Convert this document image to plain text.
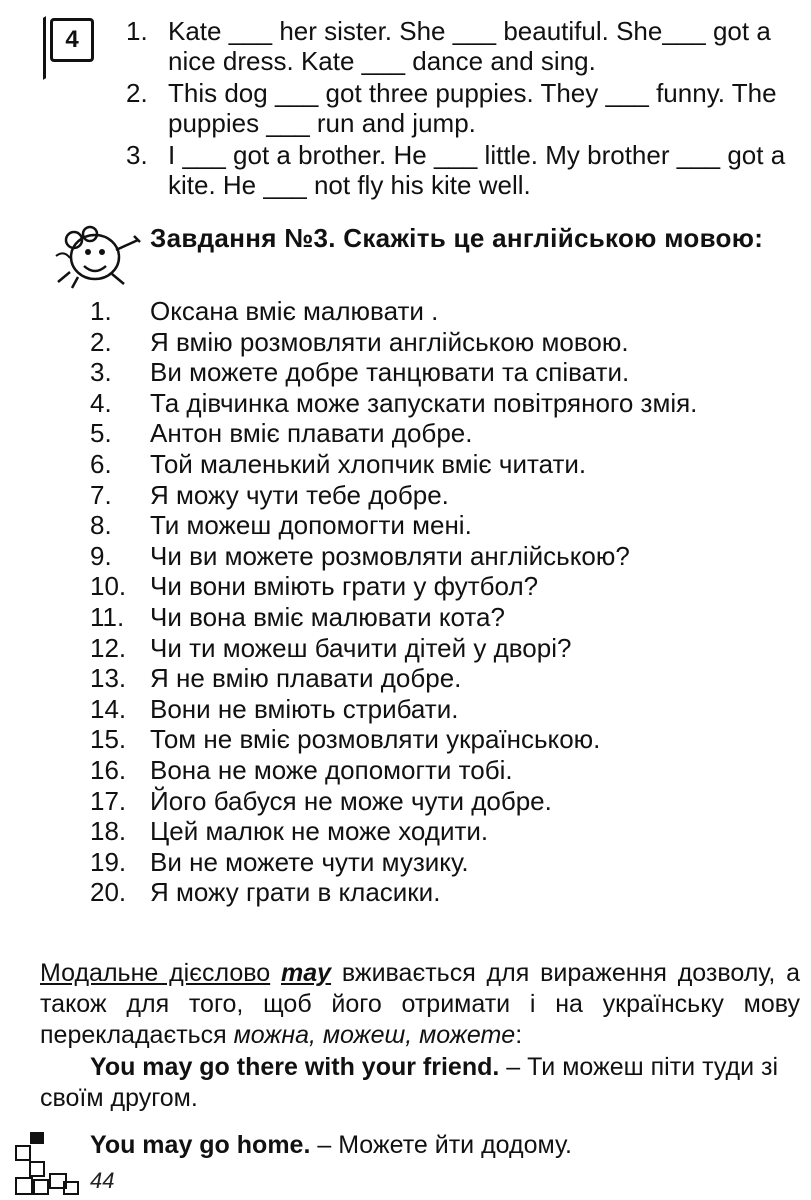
4 1. Kate ___ her sister. She ___ beautiful. She___ got a nice dress. Kate ___ dance and sing.
2. This dog ___ got three puppies. They ___ funny. The puppies ___ run and jump.
3. I ___ got a brother. He ___ little. My brother ___ got a kite. He ___ not fly his kite well.
Завдання №3. Скажіть це англійською мовою:
1.	Оксана вміє малювати .
2.	Я вмію розмовляти англійською мовою.
3.	Ви можете добре танцювати та співати.
4.	Та дівчинка може запускати повітряного змія.
5.	Антон вміє плавати добре.
6.	Той маленький хлопчик вміє читати.
7.	Я можу чути тебе добре.
8.	Ти можеш допомогти мені.
9.	Чи ви можете розмовляти англійською?
10. Чи вони вміють грати у футбол?
11. Чи вона вміє малювати кота?
12. Чи ти можеш бачити дітей у дворі?
13. Я не вмію плавати добре.
14. Вони не вміють стрибати.
15. Том не вміє розмовляти українською.
16. Вона не може допомогти тобі.
17. Його бабуся не може чути добре.
18. Цей малюк не може ходити.
19. Ви не можете чути музику.
20. Я можу грати в класики.
Модальне дієслово may вживається для вираження дозволу, а також для того, щоб його отримати і на українську мову перекладається можна, можеш, можете:
You may go there with your friend. – Ти можеш піти туди зі своїм другом.
You may go home. – Можете йти додому.
44
